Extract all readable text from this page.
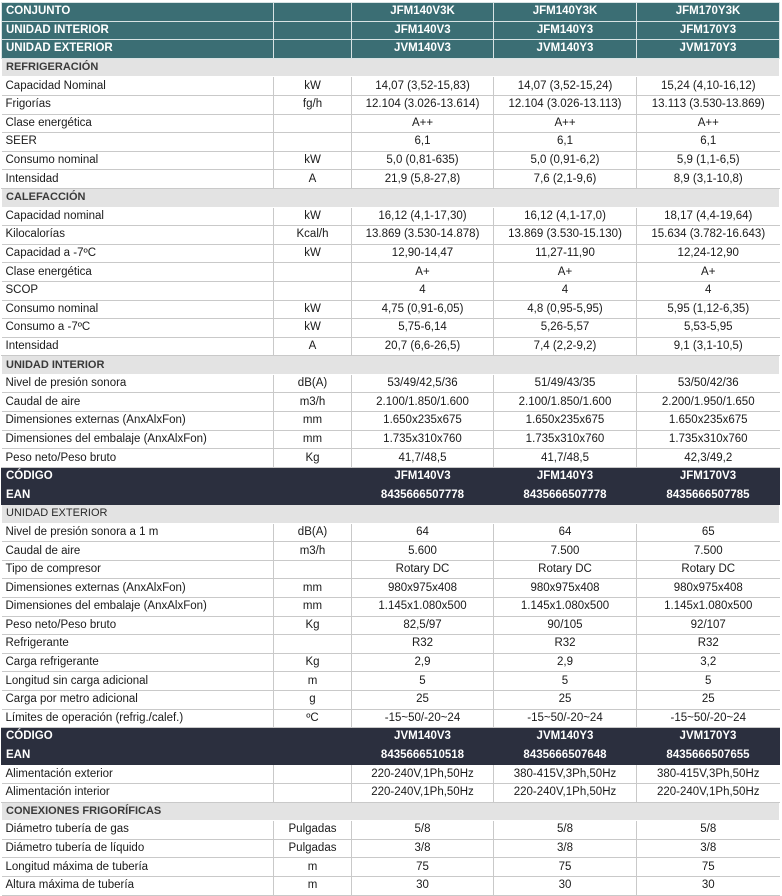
CONJUNTO		JFM140V3K	JFM140Y3K	JFM170Y3K
UNIDAD INTERIOR		JFM140V3	JFM140Y3	JFM170Y3
UNIDAD EXTERIOR		JVM140V3	JVM140Y3	JVM170Y3
REFRIGERACIÓN				
Capacidad Nominal	kW	14,07 (3,52-15,83)	14,07 (3,52-15,24)	15,24 (4,10-16,12)
Frigorías	fg/h	12.104 (3.026-13.614)	12.104 (3.026-13.113)	13.113 (3.530-13.869)
Clase energética		A++	A++	A++
SEER		6,1	6,1	6,1
Consumo nominal	kW	5,0 (0,81-635)	5,0 (0,91-6,2)	5,9 (1,1-6,5)
Intensidad	A	21,9 (5,8-27,8)	7,6 (2,1-9,6)	8,9 (3,1-10,8)
CALEFACCIÓN				
Capacidad nominal	kW	16,12 (4,1-17,30)	16,12 (4,1-17,0)	18,17 (4,4-19,64)
Kilocalorías	Kcal/h	13.869 (3.530-14.878)	13.869 (3.530-15.130)	15.634 (3.782-16.643)
Capacidad a -7ºC	kW	12,90-14,47	11,27-11,90	12,24-12,90
Clase energética		A+	A+	A+
SCOP		4	4	4
Consumo nominal	kW	4,75 (0,91-6,05)	4,8 (0,95-5,95)	5,95 (1,12-6,35)
Consumo a -7ºC	kW	5,75-6,14	5,26-5,57	5,53-5,95
Intensidad	A	20,7 (6,6-26,5)	7,4 (2,2-9,2)	9,1 (3,1-10,5)
UNIDAD INTERIOR				
Nivel de presión sonora	dB(A)	53/49/42,5/36	51/49/43/35	53/50/42/36
Caudal de aire	m3/h	2.100/1.850/1.600	2.100/1.850/1.600	2.200/1.950/1.650
Dimensiones externas (AnxAlxFon)	mm	1.650x235x675	1.650x235x675	1.650x235x675
Dimensiones del embalaje (AnxAlxFon)	mm	1.735x310x760	1.735x310x760	1.735x310x760
Peso neto/Peso bruto	Kg	41,7/48,5	41,7/48,5	42,3/49,2
CÓDIGO		JFM140V3	JFM140Y3	JFM170V3
EAN		8435666507778	8435666507778	8435666507785
UNIDAD EXTERIOR				
Nivel de presión sonora a 1 m	dB(A)	64	64	65
Caudal de aire	m3/h	5.600	7.500	7.500
Tipo de compresor		Rotary DC	Rotary DC	Rotary DC
Dimensiones externas (AnxAlxFon)	mm	980x975x408	980x975x408	980x975x408
Dimensiones del embalaje (AnxAlxFon)	mm	1.145x1.080x500	1.145x1.080x500	1.145x1.080x500
Peso neto/Peso bruto	Kg	82,5/97	90/105	92/107
Refrigerante		R32	R32	R32
Carga refrigerante	Kg	2,9	2,9	3,2
Longitud sin carga adicional	m	5	5	5
Carga por metro adicional	g	25	25	25
Límites de operación (refrig./calef.)	ºC	-15~50/-20~24	-15~50/-20~24	-15~50/-20~24
CÓDIGO		JVM140V3	JVM140Y3	JVM170Y3
EAN		8435666510518	8435666507648	8435666507655
Alimentación exterior		220-240V,1Ph,50Hz	380-415V,3Ph,50Hz	380-415V,3Ph,50Hz
Alimentación interior		220-240V,1Ph,50Hz	220-240V,1Ph,50Hz	220-240V,1Ph,50Hz
CONEXIONES FRIGORÍFICAS				
Diámetro tubería de gas	Pulgadas	5/8	5/8	5/8
Diámetro tubería de líquido	Pulgadas	3/8	3/8	3/8
Longitud máxima de tubería	m	75	75	75
Altura máxima de tubería	m	30	30	30
